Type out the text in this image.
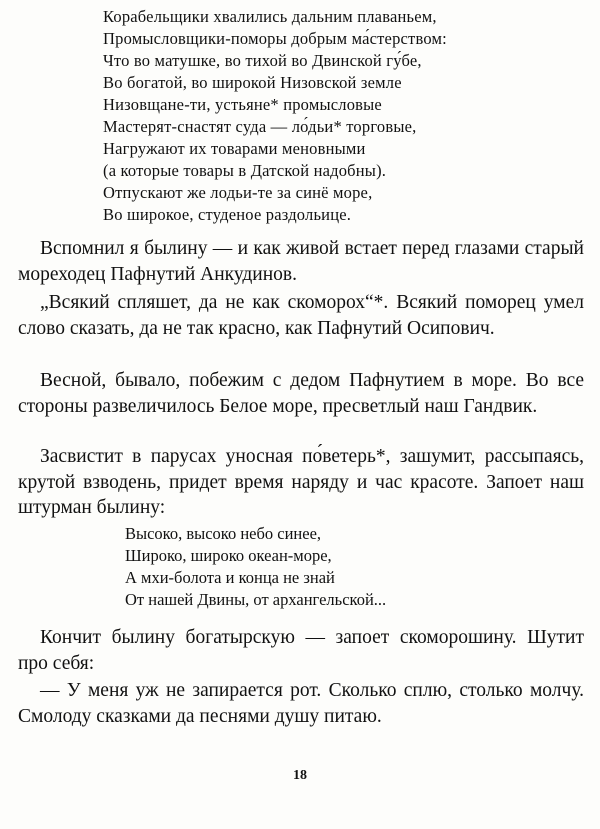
Корабельщики хвалились дальним плаваньем,
Промысловщики-поморы добрым ма́стерством:
Что во матушке, во тихой во Двинской гу́бе,
Во богатой, во широкой Низовской земле
Низовщане-ти, устьяне* промысловые
Мастерят-снастят суда — ло́дьи* торговые,
Нагружают их товарами меновными
(а которые товары в Датской надобны).
Отпускают же лодьи-те за синё море,
Во широкое, студеное раздольице.

Вспомнил я былину — и как живой встает перед глазами старый мореходец Пафнутий Анкудинов.

„Всякий спляшет, да не как скоморох“*. Всякий поморец умел слово сказать, да не так красно, как Пафнутий Осипович.

Весной, бывало, побежим с дедом Пафнутием в море. Во все стороны развеличилось Белое море, пресветлый наш Гандвик.

Засвистит в парусах уносная по́ветерь*, зашумит, рассыпаясь, крутой взводень, придет время наряду и час красоте. Запоет наш штурман былину:

Высоко, высоко небо синее,
Широко, широко океан-море,
А мхи-болота и конца не знай
От нашей Двины, от архангельской...

Кончит былину богатырскую — запоет скоморошину. Шутит про себя:

— У меня уж не запирается рот. Сколько сплю, столько молчу. Смолоду сказками да песнями душу питаю.

18
